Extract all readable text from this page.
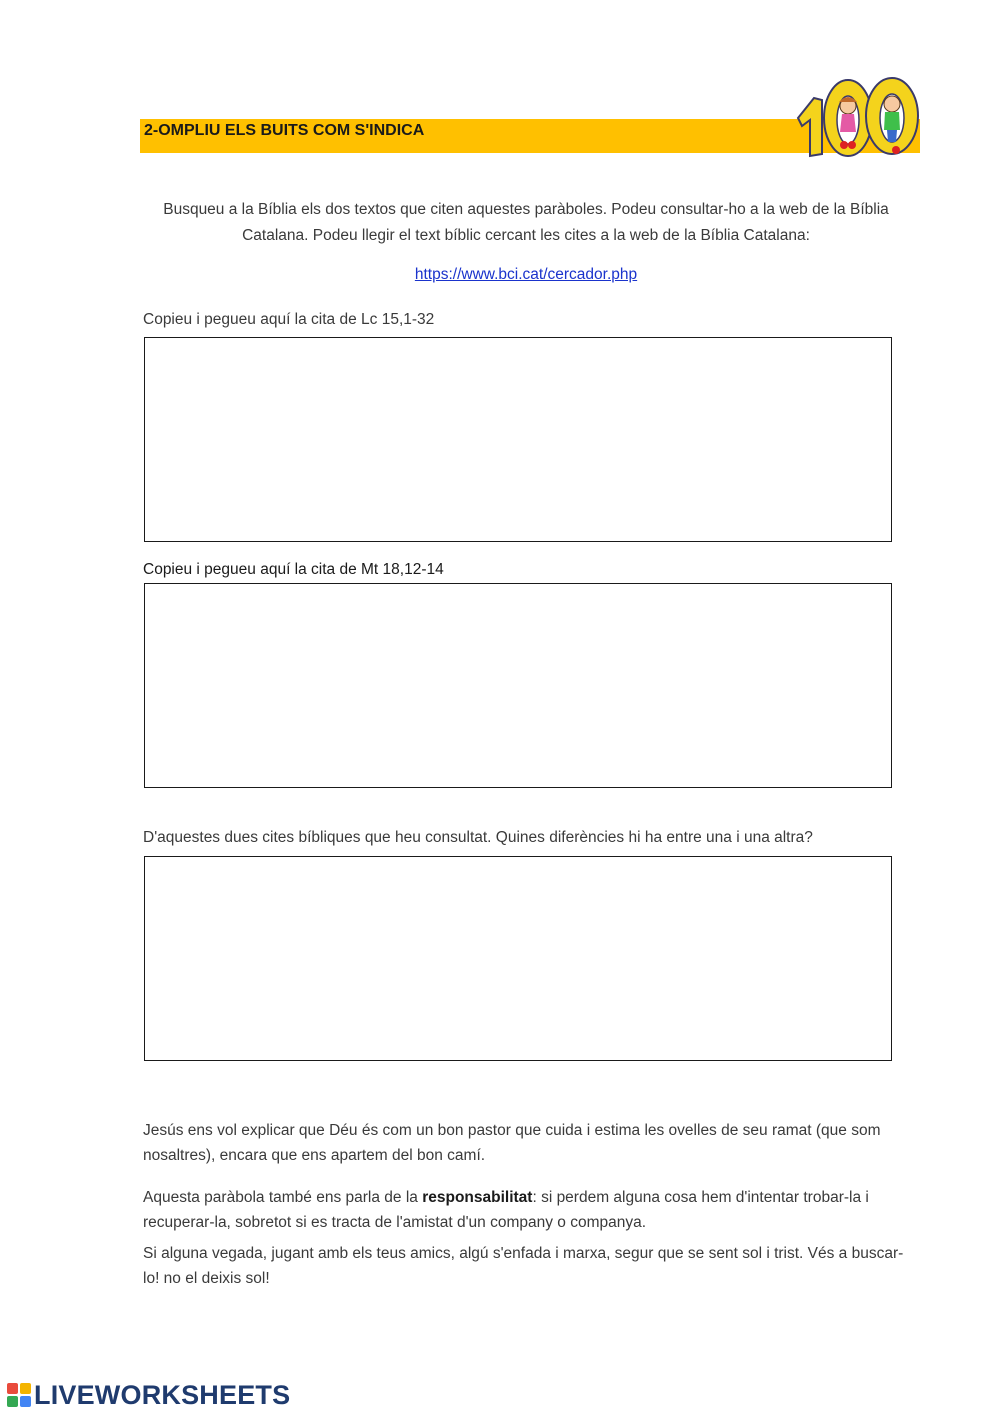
2-OMPLIU ELS BUITS COM S'INDICA
Busqueu a la Bíblia els dos textos que citen aquestes paràboles. Podeu consultar-ho a la web de la Bíblia Catalana. Podeu llegir el text bíblic cercant les cites a la web de la Bíblia Catalana:
https://www.bci.cat/cercador.php
Copieu i pegueu aquí la cita de Lc 15,1-32
Copieu i pegueu aquí la cita de Mt 18,12-14
D'aquestes dues cites bíbliques que heu consultat. Quines diferències hi ha entre una i una altra?
Jesús ens vol explicar que Déu és com un bon pastor que cuida i estima les ovelles de seu ramat (que som nosaltres), encara que ens apartem del bon camí.
Aquesta paràbola també ens parla de la responsabilitat: si perdem alguna cosa hem d'intentar trobar-la i recuperar-la, sobretot si es tracta de l'amistat d'un company o companya.
Si alguna vegada, jugant amb els teus amics, algú s'enfada i marxa, segur que se sent sol i trist. Vés a buscar-lo! no el deixis sol!
LIVEWORKSHEETS
